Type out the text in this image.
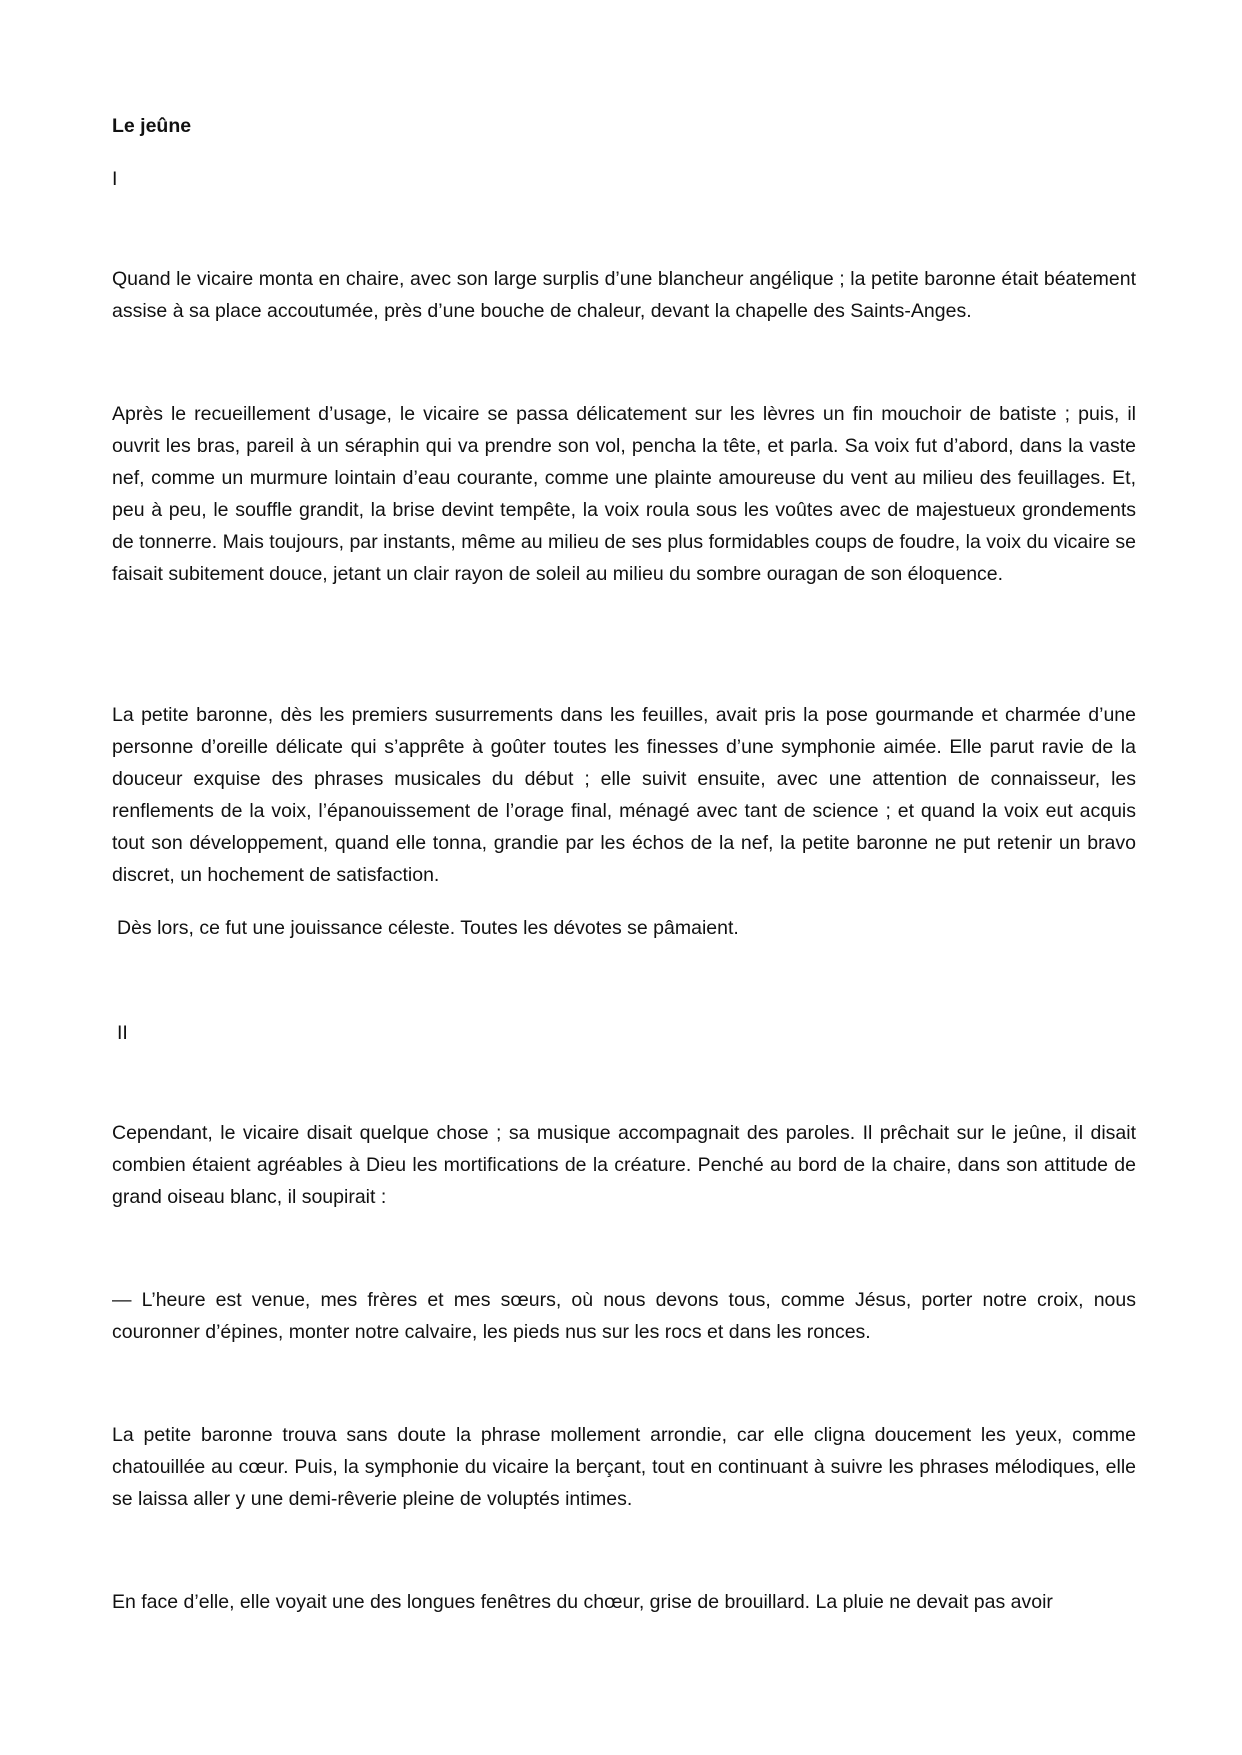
Le jeûne

I

Quand le vicaire monta en chaire, avec son large surplis d’une blancheur angélique ; la petite baronne était béatement assise à sa place accoutumée, près d’une bouche de chaleur, devant la chapelle des Saints-Anges.

Après le recueillement d’usage, le vicaire se passa délicatement sur les lèvres un fin mouchoir de batiste ; puis, il ouvrit les bras, pareil à un séraphin qui va prendre son vol, pencha la tête, et parla. Sa voix fut d’abord, dans la vaste nef, comme un murmure lointain d’eau courante, comme une plainte amoureuse du vent au milieu des feuillages. Et, peu à peu, le souffle grandit, la brise devint tempête, la voix roula sous les voûtes avec de majestueux grondements de tonnerre. Mais toujours, par instants, même au milieu de ses plus formidables coups de foudre, la voix du vicaire se faisait subitement douce, jetant un clair rayon de soleil au milieu du sombre ouragan de son éloquence.

La petite baronne, dès les premiers susurrements dans les feuilles, avait pris la pose gourmande et charmée d’une personne d’oreille délicate qui s’apprête à goûter toutes les finesses d’une symphonie aimée. Elle parut ravie de la douceur exquise des phrases musicales du début ; elle suivit ensuite, avec une attention de connaisseur, les renflements de la voix, l’épanouissement de l’orage final, ménagé avec tant de science ; et quand la voix eut acquis tout son développement, quand elle tonna, grandie par les échos de la nef, la petite baronne ne put retenir un bravo discret, un hochement de satisfaction.

Dès lors, ce fut une jouissance céleste. Toutes les dévotes se pâmaient.

II

Cependant, le vicaire disait quelque chose ; sa musique accompagnait des paroles. Il prêchait sur le jeûne, il disait combien étaient agréables à Dieu les mortifications de la créature. Penché au bord de la chaire, dans son attitude de grand oiseau blanc, il soupirait :

— L’heure est venue, mes frères et mes sœurs, où nous devons tous, comme Jésus, porter notre croix, nous couronner d’épines, monter notre calvaire, les pieds nus sur les rocs et dans les ronces.

La petite baronne trouva sans doute la phrase mollement arrondie, car elle cligna doucement les yeux, comme chatouillée au cœur. Puis, la symphonie du vicaire la berçant, tout en continuant à suivre les phrases mélodiques, elle se laissa aller y une demi-rêverie pleine de voluptés intimes.

En face d’elle, elle voyait une des longues fenêtres du chœur, grise de brouillard. La pluie ne devait pas avoir
